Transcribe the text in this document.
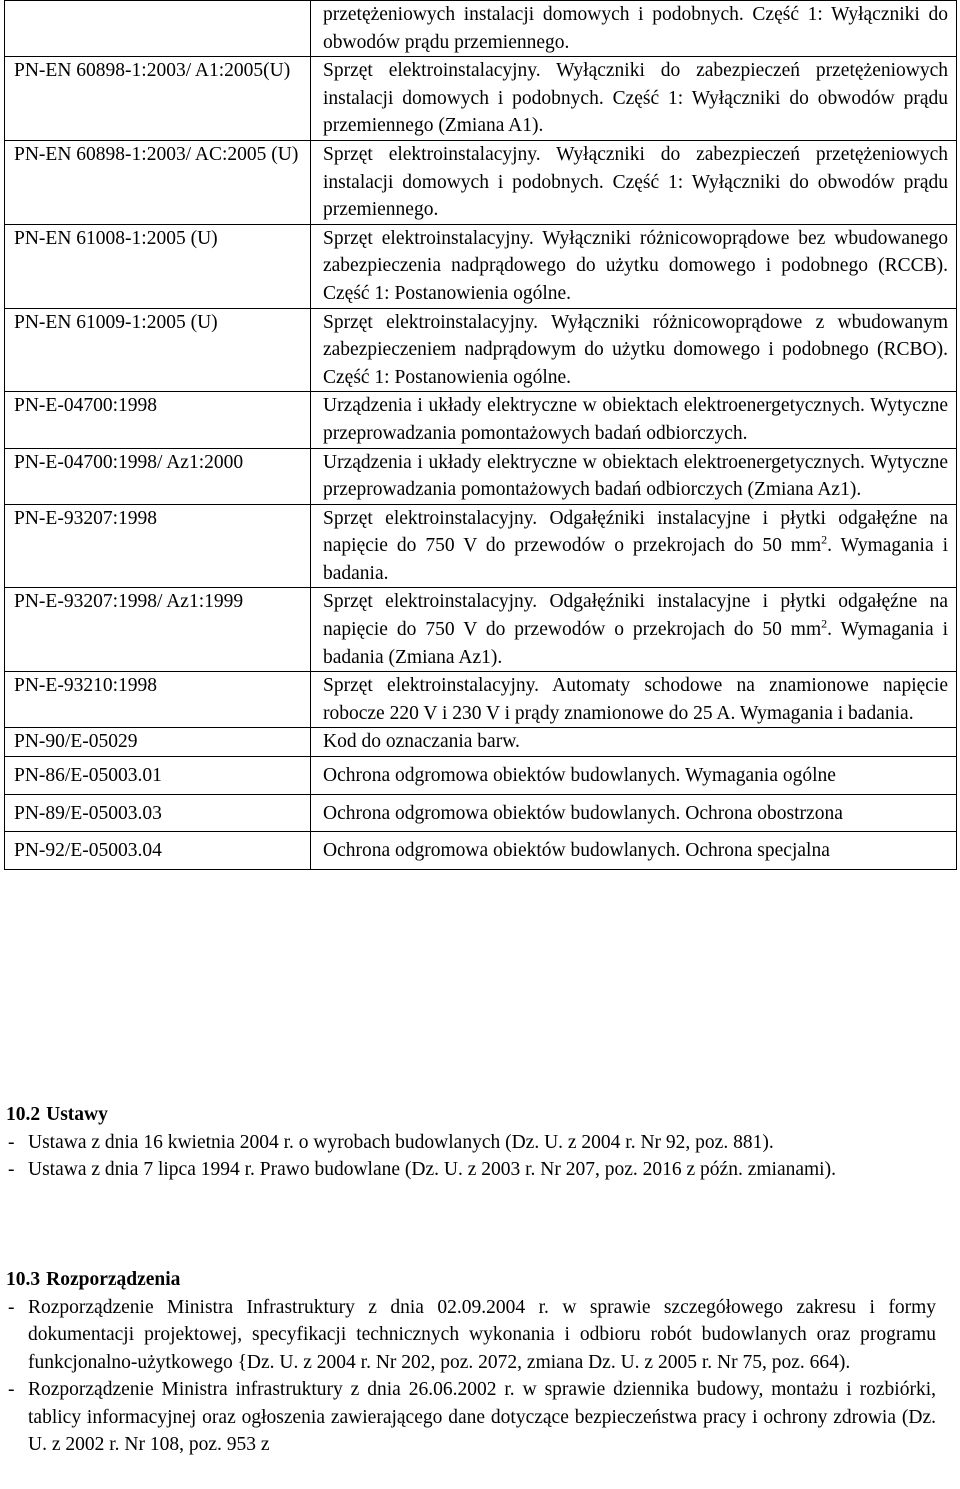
	przetężeniowych instalacji domowych i podobnych. Część 1: Wyłączniki do obwodów prądu przemiennego.
PN-EN 60898-1:2003/ A1:2005(U)	Sprzęt elektroinstalacyjny. Wyłączniki do zabezpieczeń przetężeniowych instalacji domowych i podobnych. Część 1: Wyłączniki do obwodów prądu przemiennego (Zmiana A1).
PN-EN 60898-1:2003/ AC:2005 (U)	Sprzęt elektroinstalacyjny. Wyłączniki do zabezpieczeń przetężeniowych instalacji domowych i podobnych. Część 1: Wyłączniki do obwodów prądu przemiennego.
PN-EN 61008-1:2005 (U)	Sprzęt elektroinstalacyjny. Wyłączniki różnicowoprądowe bez wbudowanego zabezpieczenia nadprądowego do użytku domowego i podobnego (RCCB). Część 1: Postanowienia ogólne.
PN-EN 61009-1:2005 (U)	Sprzęt elektroinstalacyjny. Wyłączniki różnicowoprądowe z wbudowanym zabezpieczeniem nadprądowym do użytku domowego i podobnego (RCBO). Część 1: Postanowienia ogólne.
PN-E-04700:1998	Urządzenia i układy elektryczne w obiektach elektroenergetycznych. Wytyczne przeprowadzania pomontażowych badań odbiorczych.
PN-E-04700:1998/ Az1:2000	Urządzenia i układy elektryczne w obiektach elektroenergetycznych. Wytyczne przeprowadzania pomontażowych badań odbiorczych (Zmiana Az1).
PN-E-93207:1998	Sprzęt elektroinstalacyjny. Odgałęźniki instalacyjne i płytki odgałęźne na napięcie do 750 V do przewodów o przekrojach do 50 $mm^2$. Wymagania i badania.
PN-E-93207:1998/ Az1:1999	Sprzęt elektroinstalacyjny. Odgałęźniki instalacyjne i płytki odgałęźne na napięcie do 750 V do przewodów o przekrojach do 50 $mm^2$. Wymagania i badania (Zmiana Az1).
PN-E-93210:1998	Sprzęt elektroinstalacyjny. Automaty schodowe na znamionowe napięcie robocze 220 V i 230 V i prądy znamionowe do 25 A. Wymagania i badania.
PN-90/E-05029	Kod do oznaczania barw.
PN-86/E-05003.01	Ochrona odgromowa obiektów budowlanych. Wymagania ogólne
PN-89/E-05003.03	Ochrona odgromowa obiektów budowlanych. Ochrona obostrzona
PN-92/E-05003.04	Ochrona odgromowa obiektów budowlanych. Ochrona specjalna
10.2 Ustawy
- Ustawa z dnia 16 kwietnia 2004 r. o wyrobach budowlanych (Dz. U. z 2004 r. Nr 92, poz. 881).
- Ustawa z dnia 7 lipca 1994 r. Prawo budowlane (Dz. U. z 2003 r. Nr 207, poz. 2016 z późn. zmianami).
10.3 Rozporządzenia
- Rozporządzenie Ministra Infrastruktury z dnia 02.09.2004 r. w sprawie szczegółowego zakresu i formy dokumentacji projektowej, specyfikacji technicznych wykonania i odbioru robót budowlanych oraz programu funkcjonalno-użytkowego {Dz. U. z 2004 r. Nr 202, poz. 2072, zmiana Dz. U. z 2005 r. Nr 75, poz. 664).
- Rozporządzenie Ministra infrastruktury z dnia 26.06.2002 r. w sprawie dziennika budowy, montażu i rozbiórki, tablicy informacyjnej oraz ogłoszenia zawierającego dane dotyczące bezpieczeństwa pracy i ochrony zdrowia (Dz. U. z 2002 r. Nr 108, poz. 953 z
